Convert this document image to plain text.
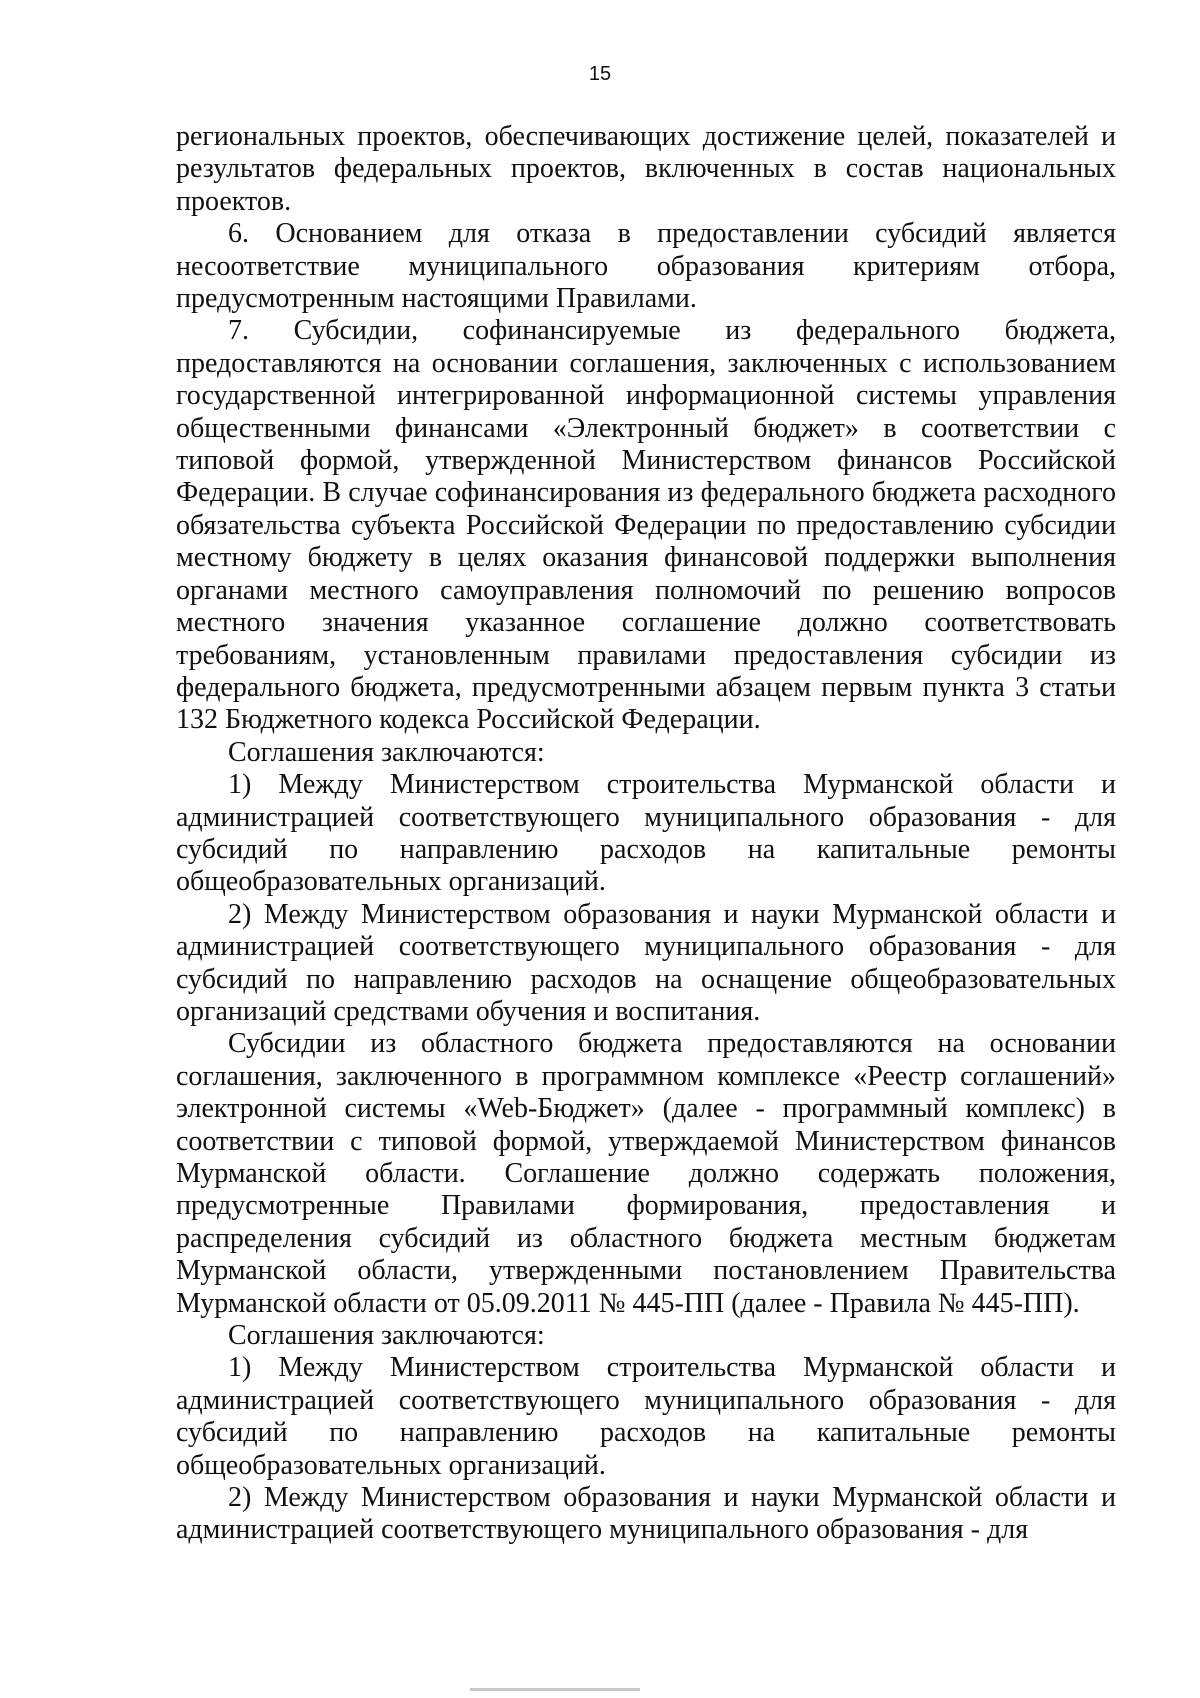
15

региональных проектов, обеспечивающих достижение целей, показателей и результатов федеральных проектов, включенных в состав национальных проектов.

6. Основанием для отказа в предоставлении субсидий является несоответствие муниципального образования критериям отбора, предусмотренным настоящими Правилами.

7. Субсидии, софинансируемые из федерального бюджета, предоставляются на основании соглашения, заключенных с использованием государственной интегрированной информационной системы управления общественными финансами «Электронный бюджет» в соответствии с типовой формой, утвержденной Министерством финансов Российской Федерации. В случае софинансирования из федерального бюджета расходного обязательства субъекта Российской Федерации по предоставлению субсидии местному бюджету в целях оказания финансовой поддержки выполнения органами местного самоуправления полномочий по решению вопросов местного значения указанное соглашение должно соответствовать требованиям, установленным правилами предоставления субсидии из федерального бюджета, предусмотренными абзацем первым пункта 3 статьи 132 Бюджетного кодекса Российской Федерации.

Соглашения заключаются:

1) Между Министерством строительства Мурманской области и администрацией соответствующего муниципального образования - для субсидий по направлению расходов на капитальные ремонты общеобразовательных организаций.

2) Между Министерством образования и науки Мурманской области и администрацией соответствующего муниципального образования - для субсидий по направлению расходов на оснащение общеобразовательных организаций средствами обучения и воспитания.

Субсидии из областного бюджета предоставляются на основании соглашения, заключенного в программном комплексе «Реестр соглашений» электронной системы «Web-Бюджет» (далее - программный комплекс) в соответствии с типовой формой, утверждаемой Министерством финансов Мурманской области. Соглашение должно содержать положения, предусмотренные Правилами формирования, предоставления и распределения субсидий из областного бюджета местным бюджетам Мурманской области, утвержденными постановлением Правительства Мурманской области от 05.09.2011 № 445-ПП (далее - Правила № 445-ПП).

Соглашения заключаются:

1) Между Министерством строительства Мурманской области и администрацией соответствующего муниципального образования - для субсидий по направлению расходов на капитальные ремонты общеобразовательных организаций.

2) Между Министерством образования и науки Мурманской области и администрацией соответствующего муниципального образования - для
